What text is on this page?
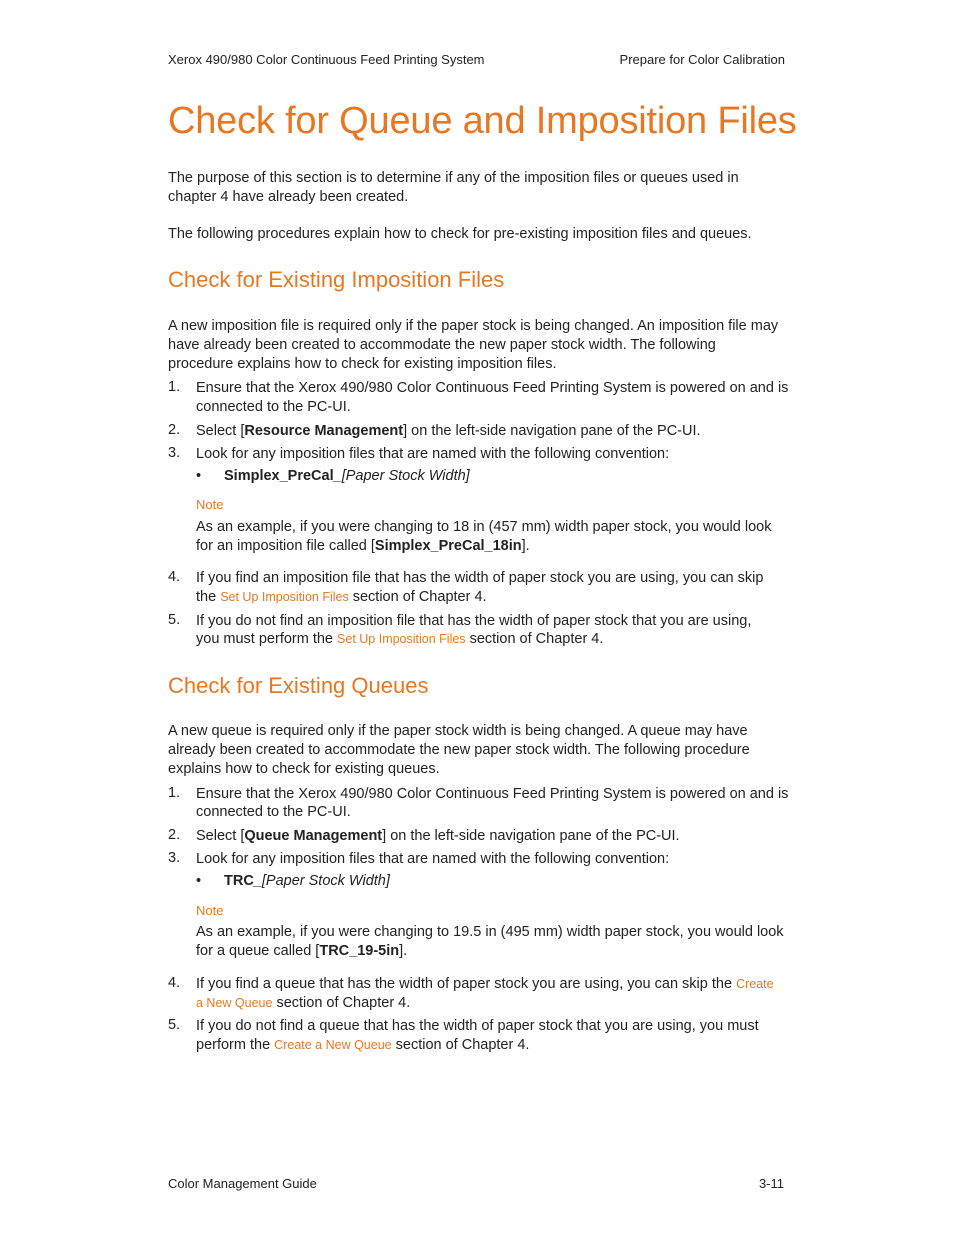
Xerox 490/980 Color Continuous Feed Printing System	Prepare for Color Calibration
Check for Queue and Imposition Files
The purpose of this section is to determine if any of the imposition files or queues used in
chapter 4 have already been created.
The following procedures explain how to check for pre-existing imposition files and queues.
Check for Existing Imposition Files
A new imposition file is required only if the paper stock is being changed. An imposition file may
have already been created to accommodate the new paper stock width. The following
procedure explains how to check for existing imposition files.
1. Ensure that the Xerox 490/980 Color Continuous Feed Printing System is powered on and is
connected to the PC-UI.
2. Select [Resource Management] on the left-side navigation pane of the PC-UI.
3. Look for any imposition files that are named with the following convention:
• Simplex_PreCal_[Paper Stock Width]
Note
As an example, if you were changing to 18 in (457 mm) width paper stock, you would look
for an imposition file called [Simplex_PreCal_18in].
4. If you find an imposition file that has the width of paper stock you are using, you can skip
the Set Up Imposition Files section of Chapter 4.
5. If you do not find an imposition file that has the width of paper stock that you are using,
you must perform the Set Up Imposition Files section of Chapter 4.
Check for Existing Queues
A new queue is required only if the paper stock width is being changed. A queue may have
already been created to accommodate the new paper stock width. The following procedure
explains how to check for existing queues.
1. Ensure that the Xerox 490/980 Color Continuous Feed Printing System is powered on and is
connected to the PC-UI.
2. Select [Queue Management] on the left-side navigation pane of the PC-UI.
3. Look for any imposition files that are named with the following convention:
• TRC_[Paper Stock Width]
Note
As an example, if you were changing to 19.5 in (495 mm) width paper stock, you would look
for a queue called [TRC_19-5in].
4. If you find a queue that has the width of paper stock you are using, you can skip the Create
a New Queue section of Chapter 4.
5. If you do not find a queue that has the width of paper stock that you are using, you must
perform the Create a New Queue section of Chapter 4.
Color Management Guide	3-11
